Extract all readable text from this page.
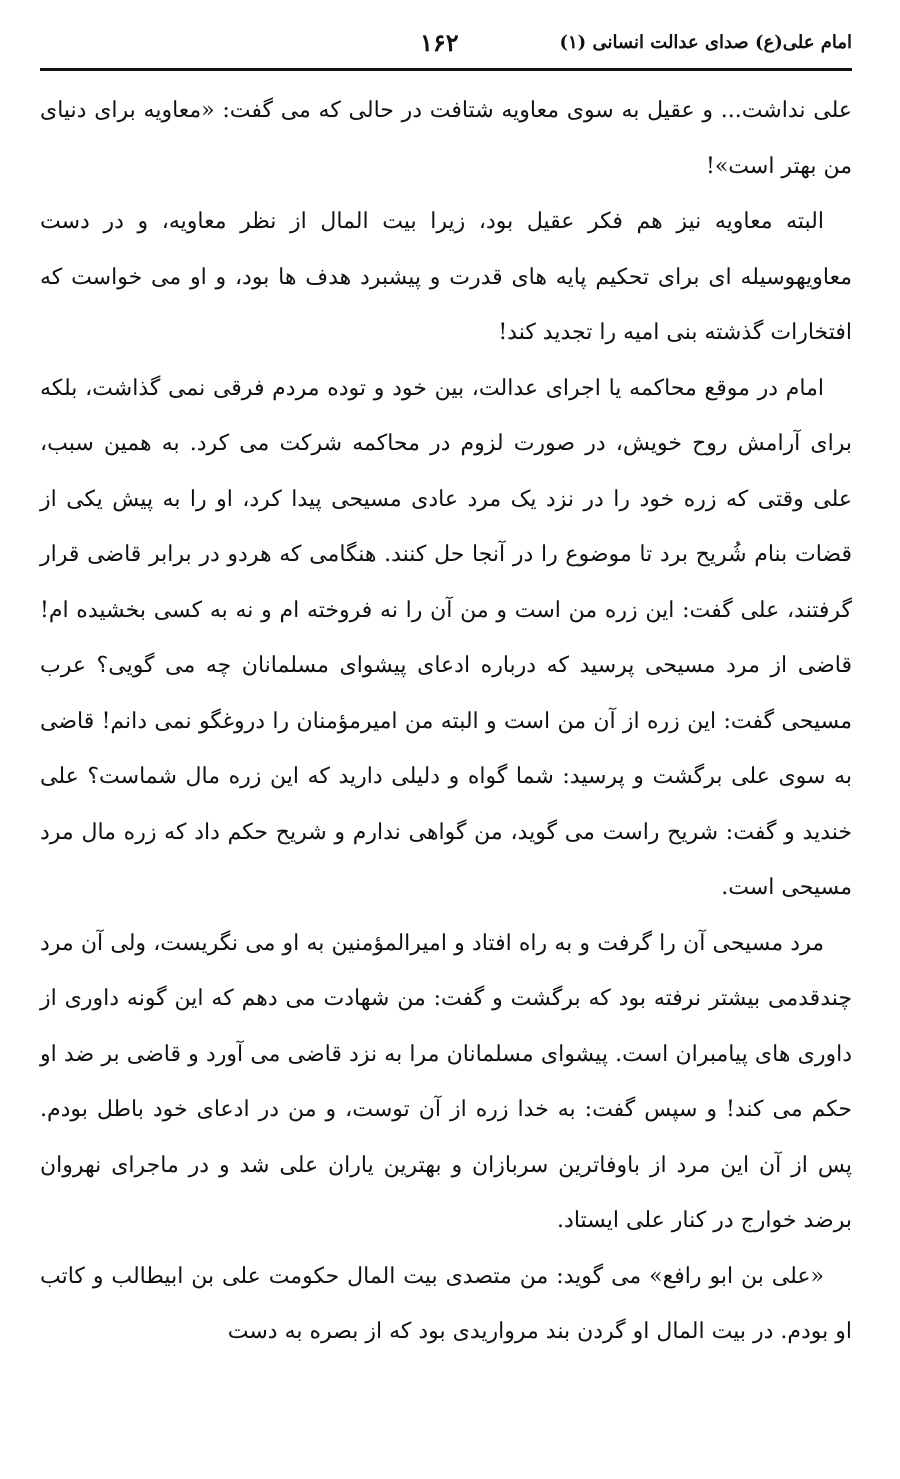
امام علی(ع) صدای عدالت انسانی (۱)
۱۶۲

علی نداشت... و عقیل به سوی معاویه شتافت در حالی که می گفت: «معاویه برای دنیای من بهتر است»!

البته معاویه نیز هم فکر عقیل بود، زیرا بیت المال از نظر معاویه، و در دست معاویهوسیله ای برای تحکیم پایه های قدرت و پیشبرد هدف ها بود، و او می خواست که افتخارات گذشته بنی امیه را تجدید کند!

امام در موقع محاکمه یا اجرای عدالت، بین خود و توده مردم فرقی نمی گذاشت، بلکه برای آرامش روح خویش، در صورت لزوم در محاکمه شرکت می کرد. به همین سبب، علی وقتی که زره خود را در نزد یک مرد عادی مسیحی پیدا کرد، او را به پیش یکی از قضات بنام شُریح برد تا موضوع را در آنجا حل کنند. هنگامی که هردو در برابر قاضی قرار گرفتند، علی گفت: این زره من است و من آن را نه فروخته ام و نه به کسی بخشیده ام! قاضی از مرد مسیحی پرسید که درباره ادعای پیشوای مسلمانان چه می گویی؟ عرب مسیحی گفت: این زره از آن من است و البته من امیرمؤمنان را دروغگو نمی دانم! قاضی به سوی علی برگشت و پرسید: شما گواه و دلیلی دارید که این زره مال شماست؟ علی خندید و گفت: شریح راست می گوید، من گواهی ندارم و شریح حکم داد که زره مال مرد مسیحی است.

مرد مسیحی آن را گرفت و به راه افتاد و امیرالمؤمنین به او می نگریست، ولی آن مرد چندقدمی بیشتر نرفته بود که برگشت و گفت: من شهادت می دهم که این گونه داوری از داوری های پیامبران است. پیشوای مسلمانان مرا به نزد قاضی می آورد و قاضی بر ضد او حکم می کند! و سپس گفت: به خدا زره از آن توست، و من در ادعای خود باطل بودم. پس از آن این مرد از باوفاترین سربازان و بهترین یاران علی شد و در ماجرای نهروان برضد خوارج در کنار علی ایستاد.

«علی بن ابو رافع» می گوید: من متصدی بیت المال حکومت علی بن ابیطالب و کاتب او بودم. در بیت المال او گردن بند مرواریدی بود که از بصره به دست
